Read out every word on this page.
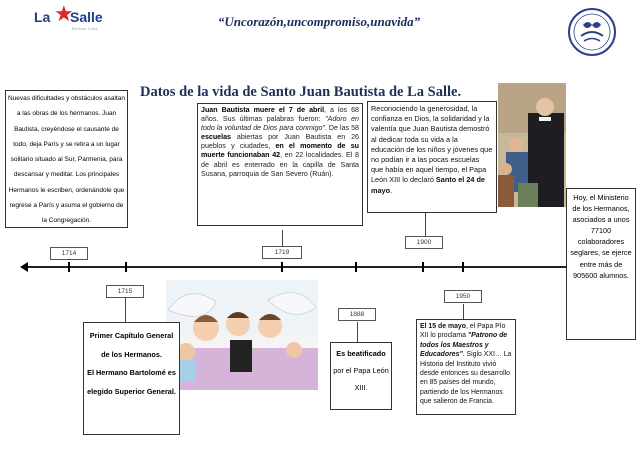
La ★
Salle
Bolívar Lima	“Uncorazón,uncompromiso,unavida”
Datos de la vida de Santo Juan Bautista de La Salle.
1714
1715
1719
1888
1900
1950
Nuevas dificultades y obstáculos asaltan a las obras de los hermanos. Juan Bautista, creyéndose el causante de todo, deja París y se retira a un lugar solitario situado al Sur, Parmenia, para descansar y meditar. Los principales Hermanos le escriben, ordenándole que regrese a París y asuma el gobierno de la Congregación.
Juan Bautista muere el 7 de abril, a los 68 años. Sus últimas palabras fueron: "Adoro en todo la voluntad de Dios para conmigo". De las 58 escuelas abiertas por Juan Bautista en 26 pueblos y ciudades, en el momento de su muerte funcionaban 42, en 22 localidades. El 8 de abril es enterrado en la capilla de Santa Susana, parroquia de San Severo (Ruán).
Reconociendo la generosidad, la confianza en Dios, la solidaridad y la valentía que Juan Bautista demostró al dedicar toda su vida a la educación de los niños y jóvenes que no podían ir a las pocas escuelas que había en aquel tiempo, el Papa León XIII lo declaró Santo el 24 de mayo.
Hoy, el Ministerio de los Hermanos, asociados a unos 77100 colaboradores seglares, se ejerce entre más de 905600 alumnos.
Primer Capítulo General de los Hermanos.
El Hermano Bartolomé es elegido Superior General.
Es beatificado
por el Papa León XIII.
El 15 de mayo, el Papa Pío XII lo proclama "Patrono de todos los Maestros y Educadores". Siglo XXI… La Historia del Instituto vivió desde entonces su desarrollo en 85 países del mundo, partiendo de los Hermanos que salieron de Francia.
